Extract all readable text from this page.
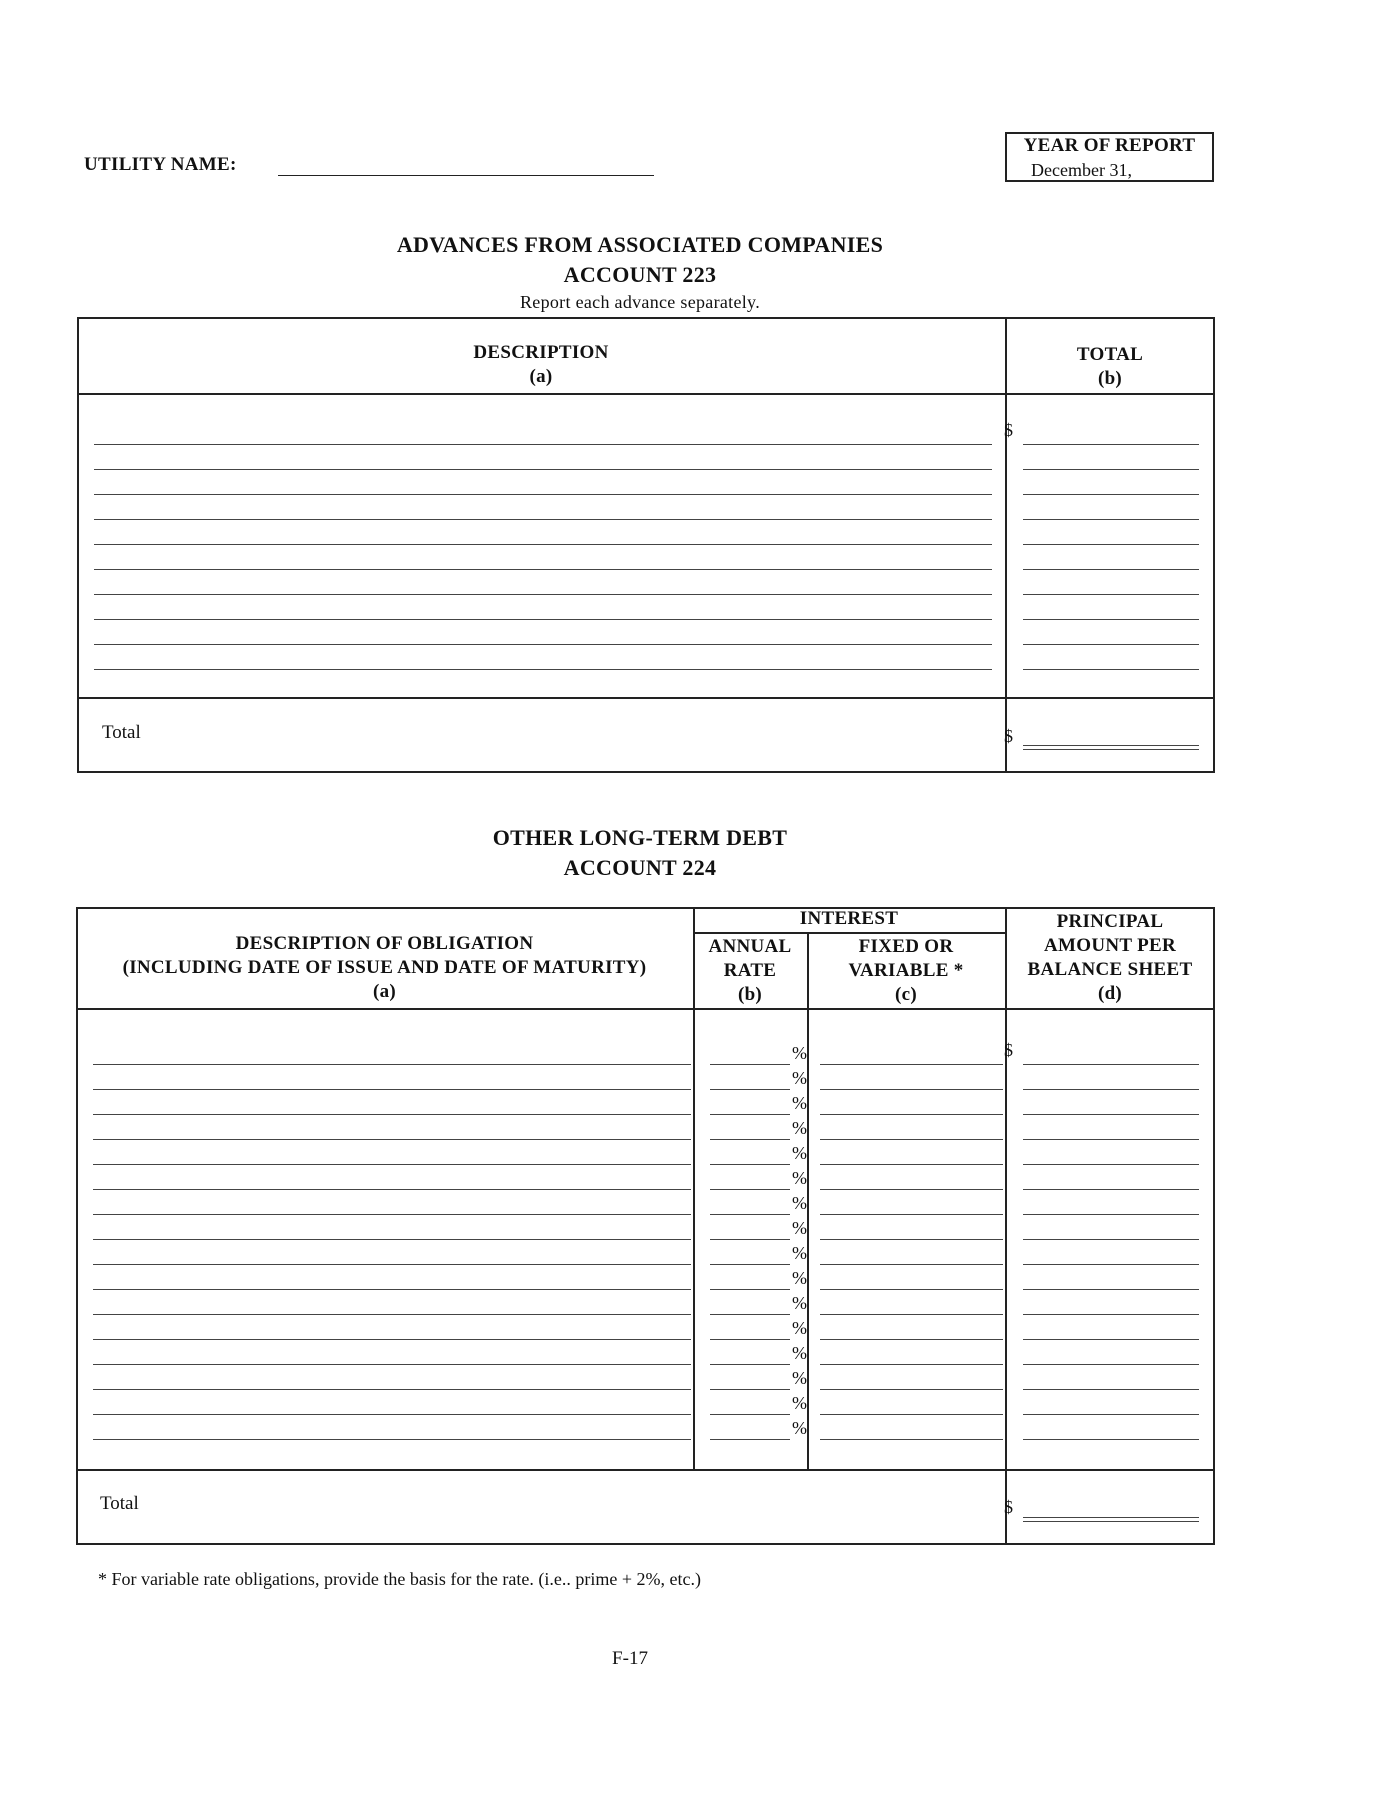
UTILITY NAME:
YEAR OF REPORT
December 31,
ADVANCES FROM ASSOCIATED COMPANIES
ACCOUNT 223
Report each advance separately.
DESCRIPTION
(a)
TOTAL
(b)
$
Total	$
OTHER LONG-TERM DEBT
ACCOUNT 224
DESCRIPTION OF OBLIGATION
(INCLUDING DATE OF ISSUE AND DATE OF MATURITY)
(a)
INTEREST
ANNUAL
RATE
(b)
FIXED OR
VARIABLE *
(c)
PRINCIPAL
AMOUNT PER
BALANCE SHEET
(d)
%
%
%
%
%
%
%
%
%
%
%
%
%
%
%
%
$
Total	$
* For variable rate obligations, provide the basis for the rate. (i.e.. prime + 2%, etc.)
F-17
